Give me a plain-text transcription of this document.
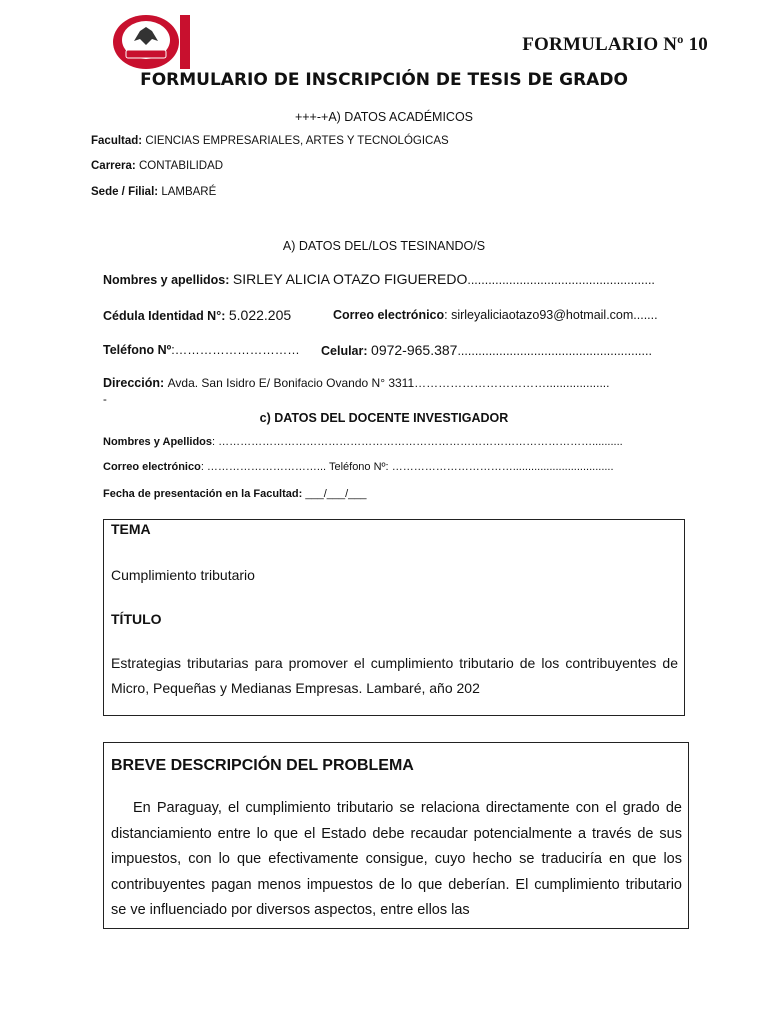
FORMULARIO Nº 10
FORMULARIO DE INSCRIPCIÓN DE TESIS DE GRADO
+++-+A) DATOS ACADÉMICOS
Facultad: CIENCIAS EMPRESARIALES, ARTES Y TECNOLÓGICAS
Carrera: CONTABILIDAD
Sede / Filial: LAMBARÉ
A) DATOS DEL/LOS TESINANDO/S
Nombres y apellidos: SIRLEY ALICIA OTAZO FIGUEREDO......................................................
Cédula Identidad N°: 5.022.205	Correo electrónico: sirleyaliciaotazo93@hotmail.com.......
Teléfono Nº:………………………… Celular: 0972-965.387........................................................
Dirección: Avda. San Isidro E/ Bonifacio Ovando N° 3311……………………………...................
-
c) DATOS DEL DOCENTE INVESTIGADOR
Nombres y Apellidos: …………………………………………………………………………………………..........
Correo electrónico: …………………………... Teléfono Nº: …………………………….................................
Fecha de presentación en la Facultad: ___/___/___
TEMA

Cumplimiento tributario

TÍTULO

Estrategias tributarias para promover el cumplimiento tributario de los contribuyentes de Micro, Pequeñas y Medianas Empresas. Lambaré, año 202

BREVE DESCRIPCIÓN DEL PROBLEMA

En Paraguay, el cumplimiento tributario se relaciona directamente con el grado de distanciamiento entre lo que el Estado debe recaudar potencialmente a través de sus impuestos, con lo que efectivamente consigue, cuyo hecho se traduciría en que los contribuyentes pagan menos impuestos de lo que deberían. El cumplimiento tributario se ve influenciado por diversos aspectos, entre ellos las
